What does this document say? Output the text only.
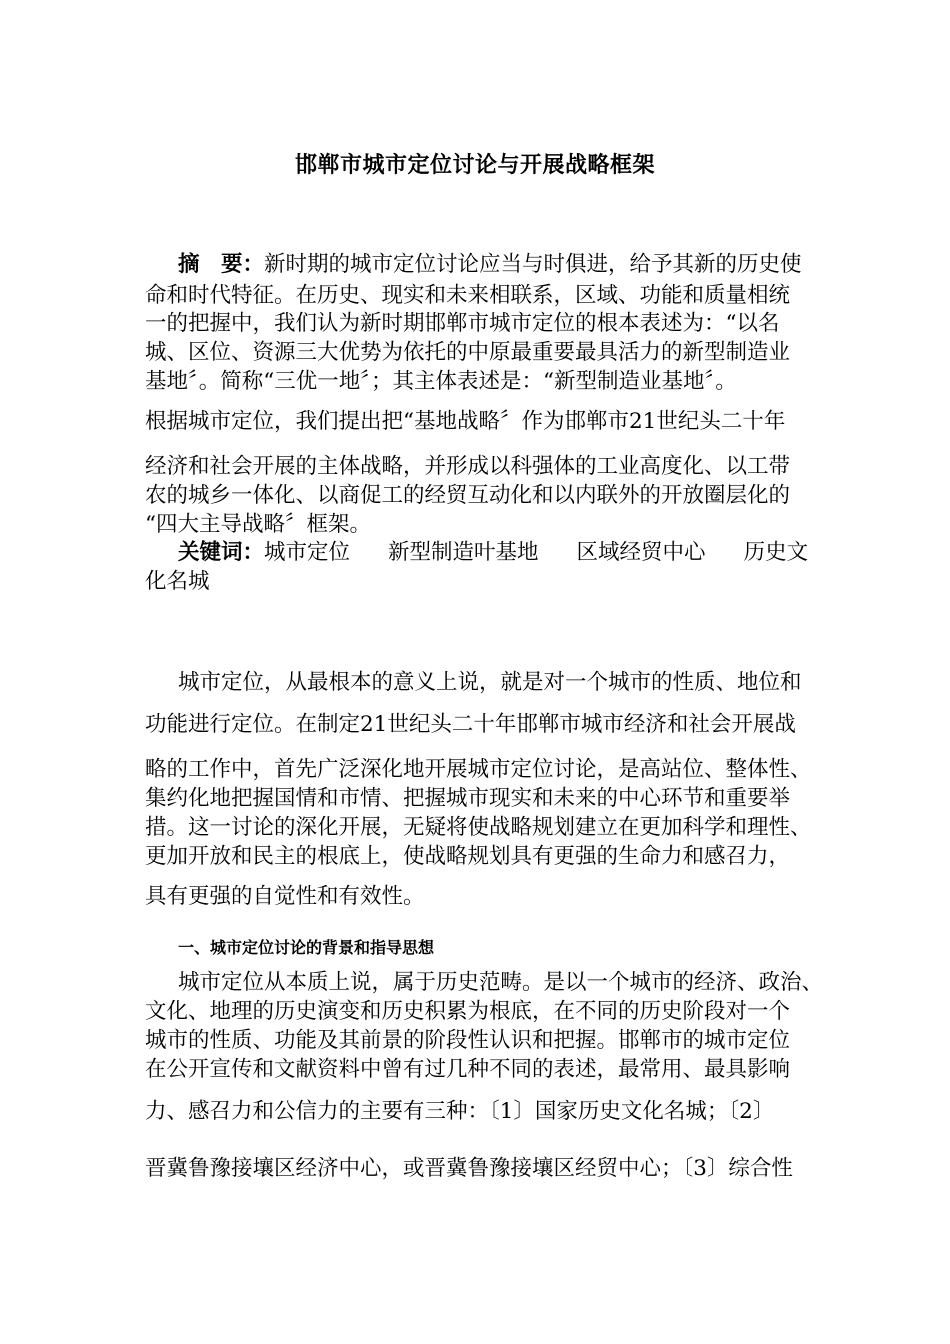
邯郸市城市定位讨论与开展战略框架
摘　要：新时期的城市定位讨论应当与时俱进，给予其新的历史使
命和时代特征。在历史、现实和未来相联系，区域、功能和质量相统
一的把握中，我们认为新时期邯郸市城市定位的根本表述为：“以名
城、区位、资源三大优势为依托的中原最重要最具活力的新型制造业
基地〞。简称“三优一地〞；其主体表述是：“新型制造业基地〞。
根据城市定位，我们提出把“基地战略〞作为邯郸市21世纪头二十年
经济和社会开展的主体战略，并形成以科强体的工业高度化、以工带
农的城乡一体化、以商促工的经贸互动化和以内联外的开放圈层化的
“四大主导战略〞框架。
关键词：城市定位 新型制造叶基地 区域经贸中心 历史文
化名城
城市定位，从最根本的意义上说，就是对一个城市的性质、地位和
功能进行定位。在制定21世纪头二十年邯郸市城市经济和社会开展战
略的工作中，首先广泛深化地开展城市定位讨论，是高站位、整体性、
集约化地把握国情和市情、把握城市现实和未来的中心环节和重要举
措。这一讨论的深化开展，无疑将使战略规划建立在更加科学和理性、
更加开放和民主的根底上，使战略规划具有更强的生命力和感召力，
具有更强的自觉性和有效性。
一、城市定位讨论的背景和指导思想
城市定位从本质上说，属于历史范畴。是以一个城市的经济、政治、
文化、地理的历史演变和历史积累为根底，在不同的历史阶段对一个
城市的性质、功能及其前景的阶段性认识和把握。邯郸市的城市定位
在公开宣传和文献资料中曾有过几种不同的表述，最常用、最具影响
力、感召力和公信力的主要有三种：〔1〕国家历史文化名城；〔2〕
晋冀鲁豫接壤区经济中心，或晋冀鲁豫接壤区经贸中心；〔3〕综合性
